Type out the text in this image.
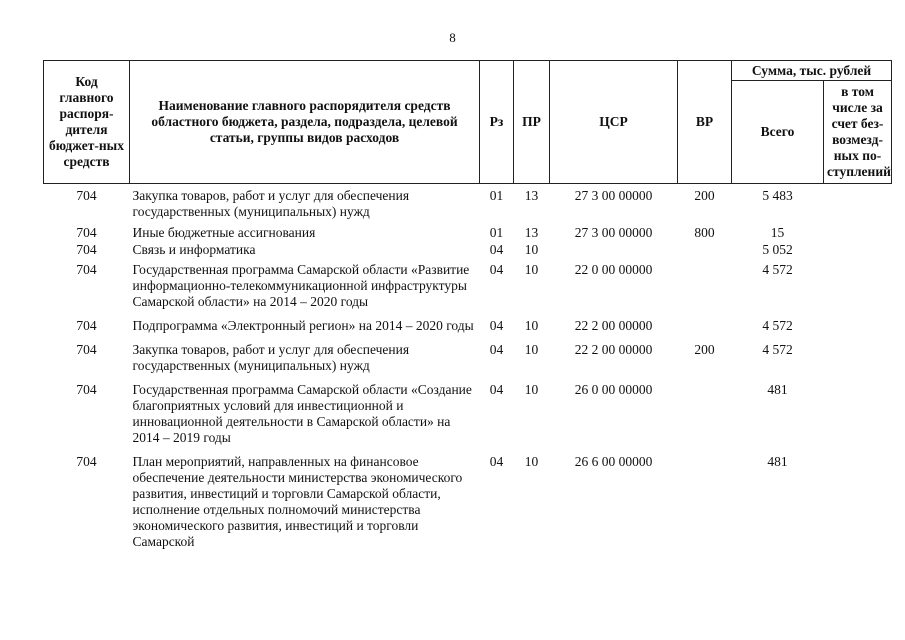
8
Код главного распоря-дителя бюджет-ных средств	Наименование главного распорядителя средств областного бюджета, раздела, подраздела, целевой статьи, группы видов расходов	Рз	ПР	ЦСР	ВР	Сумма, тыс. рублей	
						Всего	в том числе за счет без-возмезд-ных по-ступлений
704	Закупка товаров, работ и услуг для обеспечения государственных (муниципальных) нужд	01	13	27 3 00 00000	200	5 483	
704	Иные бюджетные ассигнования	01	13	27 3 00 00000	800	15	
704	Связь и информатика	04	10			5 052	
704	Государственная программа Самарской области «Развитие информационно-телекоммуникационной инфраструктуры Самарской области» на 2014 – 2020 годы	04	10	22 0 00 00000		4 572	
704	Подпрограмма «Электронный регион» на 2014 – 2020 годы	04	10	22 2 00 00000		4 572	
704	Закупка товаров, работ и услуг для обеспечения государственных (муниципальных) нужд	04	10	22 2 00 00000	200	4 572	
704	Государственная программа Самарской области «Создание благоприятных условий для инвестиционной и инновационной деятельности в Самарской области» на 2014 – 2019 годы	04	10	26 0 00 00000		481	
704	План мероприятий, направленных на финансовое обеспечение деятельности министерства экономического развития, инвестиций и торговли Самарской области, исполнение отдельных полномочий министерства экономического развития, инвестиций и торговли Самарской	04	10	26 6 00 00000		481	
